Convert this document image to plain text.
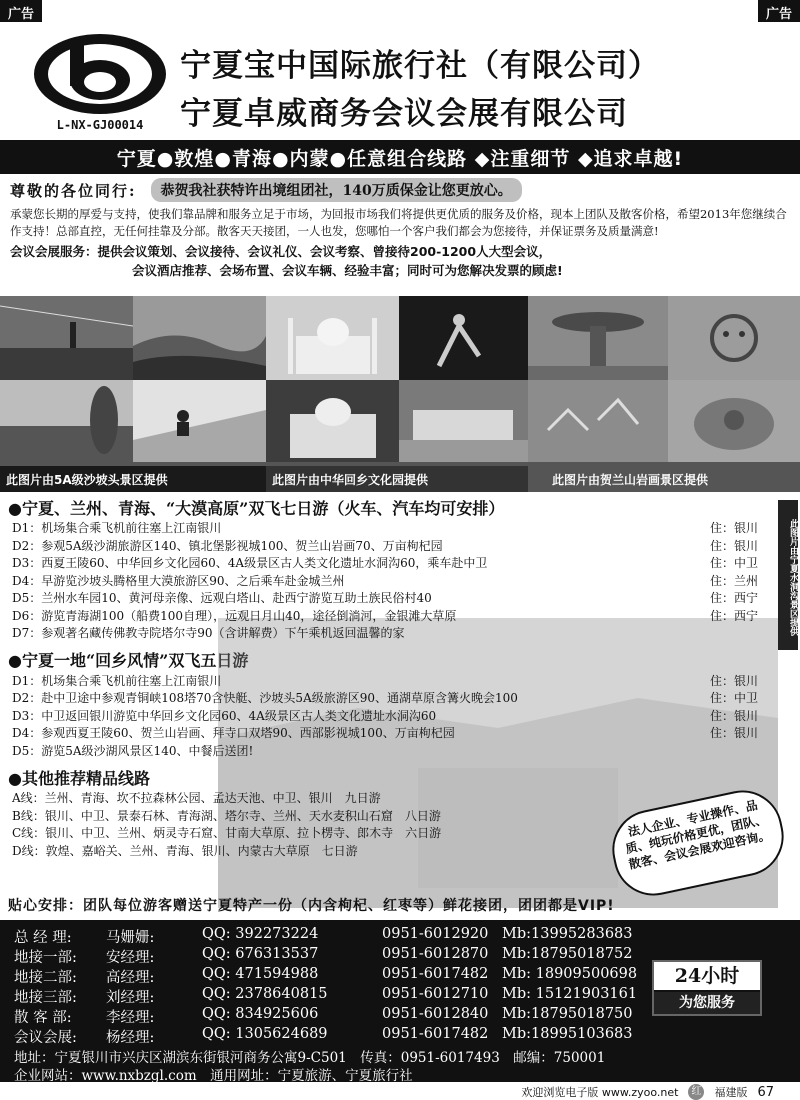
广告	广告
L-NX-GJ00014
宁夏宝中国际旅行社（有限公司）
宁夏卓威商务会议会展有限公司
宁夏●敦煌●青海●内蒙●任意组合线路 ◆注重细节 ◆追求卓越!
尊敬的各位同行:	恭贺我社获特许出境组团社，140万质保金让您更放心。
承蒙您长期的厚爱与支持，使我们靠品牌和服务立足于市场，为回报市场我们将提供更优质的服务及价格，现本上团队及散客价格，希望2013年您继续合作支持！总部直控，无任何挂靠及分部。散客天天接团，一人也发，您哪怕一个客户我们都会为您接待，并保证票务及质量满意!
会议会展服务：提供会议策划、会议接待、会议礼仪、会议考察、曾接待200-1200人大型会议，
会议酒店推荐、会场布置、会议车辆、经验丰富；同时可为您解决发票的顾虑!
此图片由5A级沙坡头景区提供	此图片由中华回乡文化园提供	此图片由贺兰山岩画景区提供
此图片由宁夏水洞沟景区提供
●宁夏、兰州、青海、“大漠高原”双飞七日游（火车、汽车均可安排）
D1：机场集合乘飞机前往塞上江南银川	住：银川
D2：参观5A级沙湖旅游区140、镇北堡影视城100、贺兰山岩画70、万亩枸杞园	住：银川
D3：西夏王陵60、中华回乡文化园60、4A级景区古人类文化遗址水洞沟60，乘车赴中卫	住：中卫
D4：早游览沙坡头腾格里大漠旅游区90、之后乘车赴金城兰州	住：兰州
D5：兰州水车园10、黄河母亲像、远观白塔山、赴西宁游览互助土族民俗村40	住：西宁
D6：游览青海湖100（船费100自理），远观日月山40，途径倒淌河，金银滩大草原	住：西宁
D7：参观著名藏传佛教寺院塔尔寺90（含讲解费）下午乘机返回温馨的家
●宁夏一地“回乡风情”双飞五日游
D1：机场集合乘飞机前往塞上江南银川	住：银川
D2：赴中卫途中参观青铜峡108塔70含快艇、沙坡头5A级旅游区90、通湖草原含篝火晚会100	住：中卫
D3：中卫返回银川游览中华回乡文化园60、4A级景区古人类文化遗址水洞沟60	住：银川
D4：参观西夏王陵60、贺兰山岩画、拜寺口双塔90、西部影视城100、万亩枸杞园	住：银川
D5：游览5A级沙湖风景区140、中餐后送团!
●其他推荐精品线路
A线：兰州、青海、坎不拉森林公园、孟达天池、中卫、银川　九日游
B线：银川、中卫、景泰石林、青海湖、塔尔寺、兰州、天水麦积山石窟　八日游
C线：银川、中卫、兰州、炳灵寺石窟、甘南大草原、拉卜楞寺、郎木寺　六日游
D线：敦煌、嘉峪关、兰州、青海、银川、内蒙古大草原　七日游
法人企业、专业操作、品质、纯玩价格更优，团队、散客、会议会展欢迎咨询。
贴心安排：团队每位游客赠送宁夏特产一份（内含枸杞、红枣等）鲜花接团，团团都是VIP!
总 经 理:	马姗姗:	QQ: 392273224	0951-6012920 Mb:13995283683
地接一部:	安经理:	QQ: 676313537	0951-6012870 Mb:18795018752
地接二部:	高经理:	QQ: 471594988	0951-6017482 Mb: 18909500698
地接三部:	刘经理:	QQ: 2378640815	0951-6012710 Mb: 15121903161
散 客 部:	李经理:	QQ: 834925606	0951-6012840 Mb:18795018750
会议会展:	杨经理:	QQ: 1305624689	0951-6017482 Mb:18995103683
24小时
为您服务
地址：宁夏银川市兴庆区湖滨东街银河商务公寓9-C501　传真：0951-6017493　邮编：750001
企业网站：www.nxbzgl.com　通用网址：宁夏旅游、宁夏旅行社
欢迎浏览电子版 www.zyoo.net	红 福建版 67
